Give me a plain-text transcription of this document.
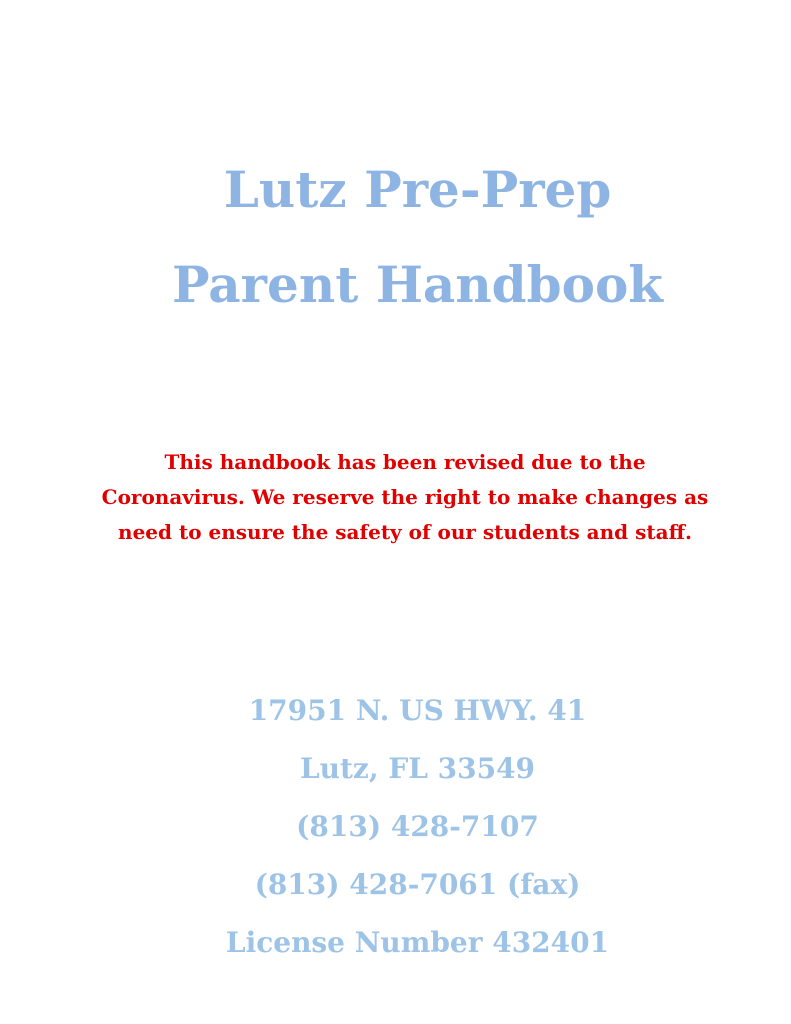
Lutz Pre-Prep
Parent Handbook
This handbook has been revised due to the
Coronavirus. We reserve the right to make changes as
need to ensure the safety of our students and staff.
17951 N. US HWY. 41
Lutz, FL 33549
(813) 428-7107
(813) 428-7061 (fax)
License Number 432401
